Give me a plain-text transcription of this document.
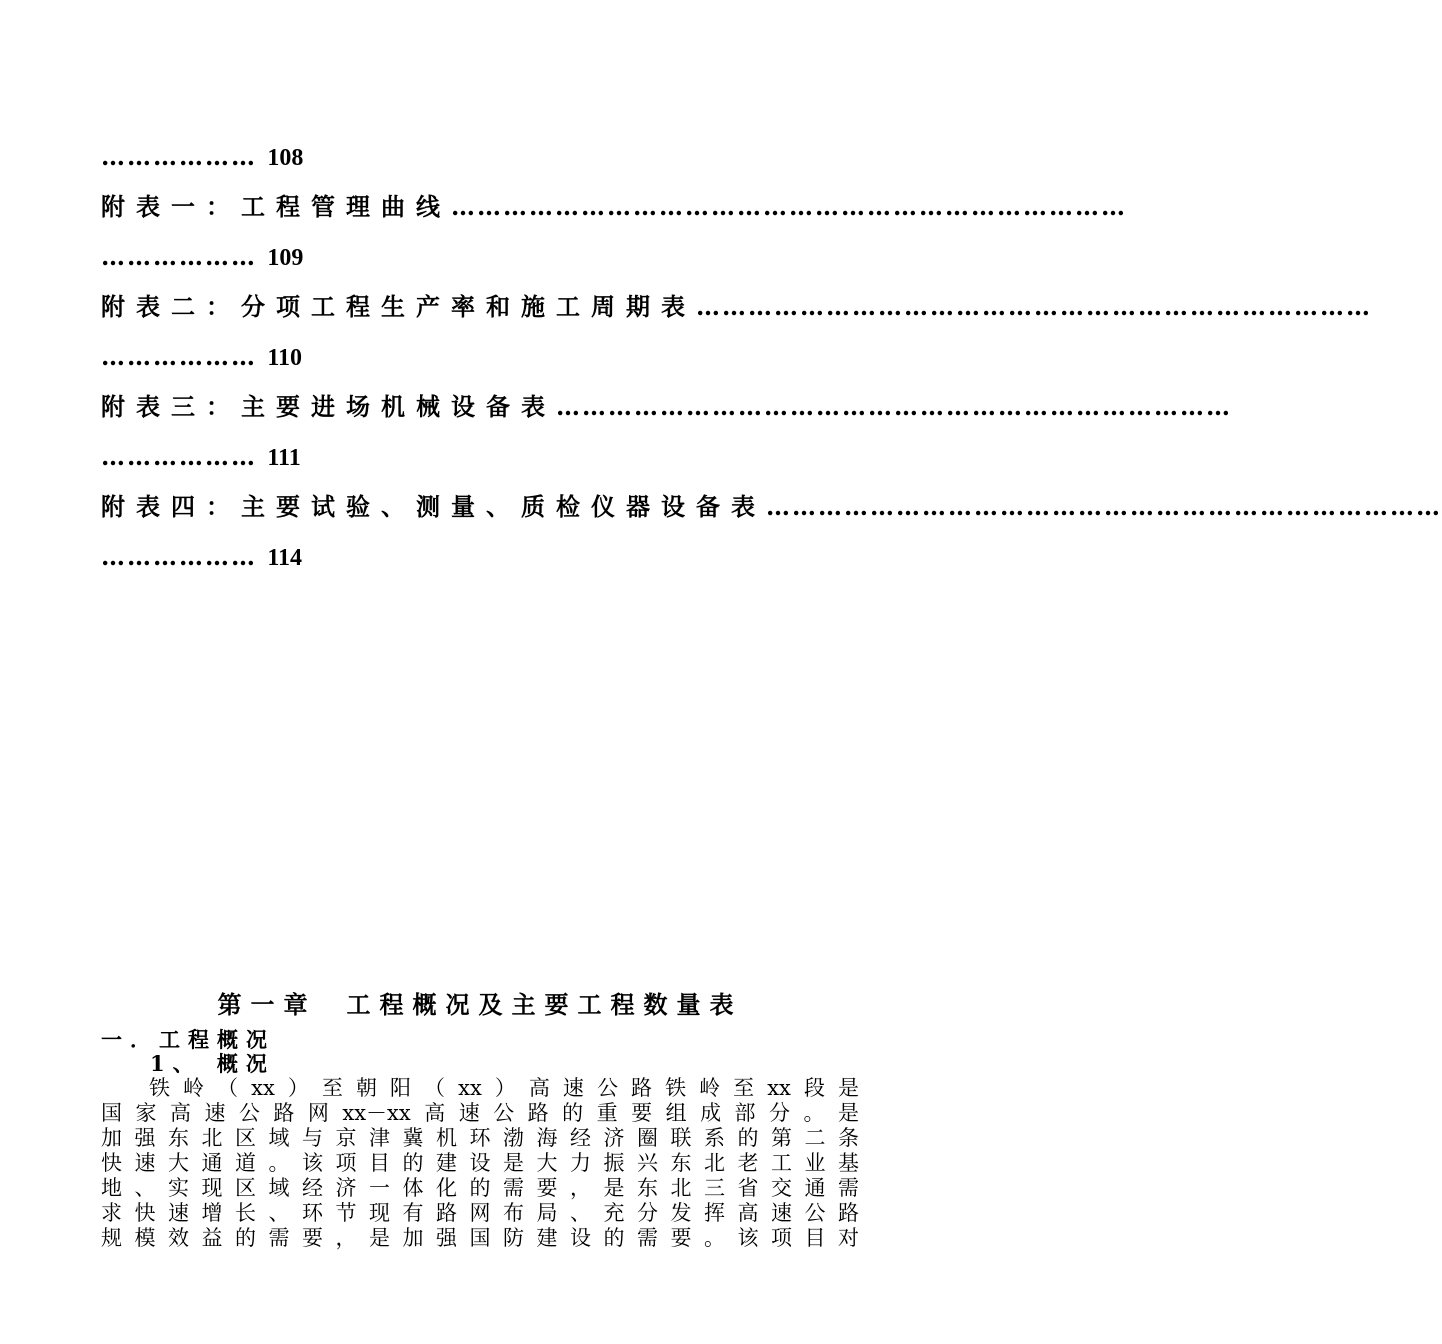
……………… 108
附表一：工程管理曲线 ……………………………………………………………………
……………… 109
附表二：分项工程生产率和施工周期表 ……………………………………………………………………
……………… 110
附表三：主要进场机械设备表 ……………………………………………………………………
……………… 111
附表四：主要试验、测量、质检仪器设备表 ……………………………………………………………………
……………… 114
第一章 工程概况及主要工程数量表
一．工程概况
1、 概况
铁岭（xx）至朝阳（xx）高速公路铁岭至xx段是
国家高速公路网xx－xx高速公路的重要组成部分。是
加强东北区域与京津冀机环渤海经济圈联系的第二条
快速大通道。该项目的建设是大力振兴东北老工业基
地、实现区域经济一体化的需要，是东北三省交通需
求快速增长、环节现有路网布局、充分发挥高速公路
规模效益的需要，是加强国防建设的需要。该项目对
